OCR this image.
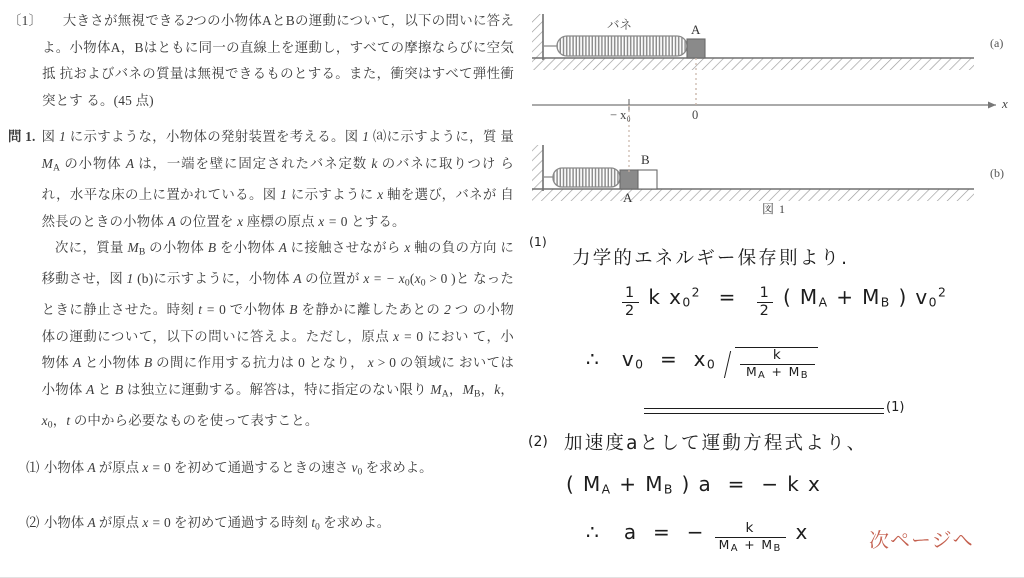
〔1〕 大きさが無視できる2つの小物体AとBの運動について，以下の問いに答え よ。小物体A，Bはともに同一の直線上を運動し，すべての摩擦ならびに空気抵 抗およびバネの質量は無視できるものとする。また，衝突はすべて弾性衝突とす る。(45 点)

問 1. 図 1 に示すような，小物体の発射装置を考える。図 1 ⒜に示すように，質 量 $M_A$ の小物体 A は，一端を壁に固定されたバネ定数 k のバネに取りつけ られ，水平な床の上に置かれている。図 1 に示すように x 軸を選び，バネが 自然長のときの小物体 A の位置を x 座標の原点 x = 0 とする。

次に，質量 $M_B$ の小物体 B を小物体 A に接触させながら x 軸の負の方向 に移動させ，図 1 (b)に示すように，小物体 A の位置が x = − $x_0(x_0 > 0$ )と なったときに静止させた。時刻 t = 0 で小物体 B を静かに離したあとの 2 つ の小物体の運動について，以下の問いに答えよ。ただし，原点 x = 0 におい て，小物体 A と小物体 B の間に作用する抗力は 0 となり， x > 0 の領域に おいては小物体 A と B は独立に運動する。解答は，特に指定のない限り $M_A$，$M_B$，k，$x_0$，t の中から必要なものを使って表すこと。

⑴ 小物体 A が原点 x = 0 を初めて通過するときの速さ $v_0$ を求めよ。
⑵ 小物体 A が原点 x = 0 を初めて通過する時刻 $t_0$ を求めよ。
バネ	A
(a)
x
− x₀	0
B
A
(b)
図 1
(1)
力学的エネルギー保存則より.
$\frac{1}{2}$ k $x0^2 = \frac{1}{2}$ ( MA + MB ) $v0^2$
∴ $v0 = x0 \frac{k}{MA + MB}$
(1)
(2) 加速度aとして運動方程式より、
( MA + MB ) a  =  − k x
∴ a  =  − $\frac{k}{MA + MB}$ x	次ページへ
